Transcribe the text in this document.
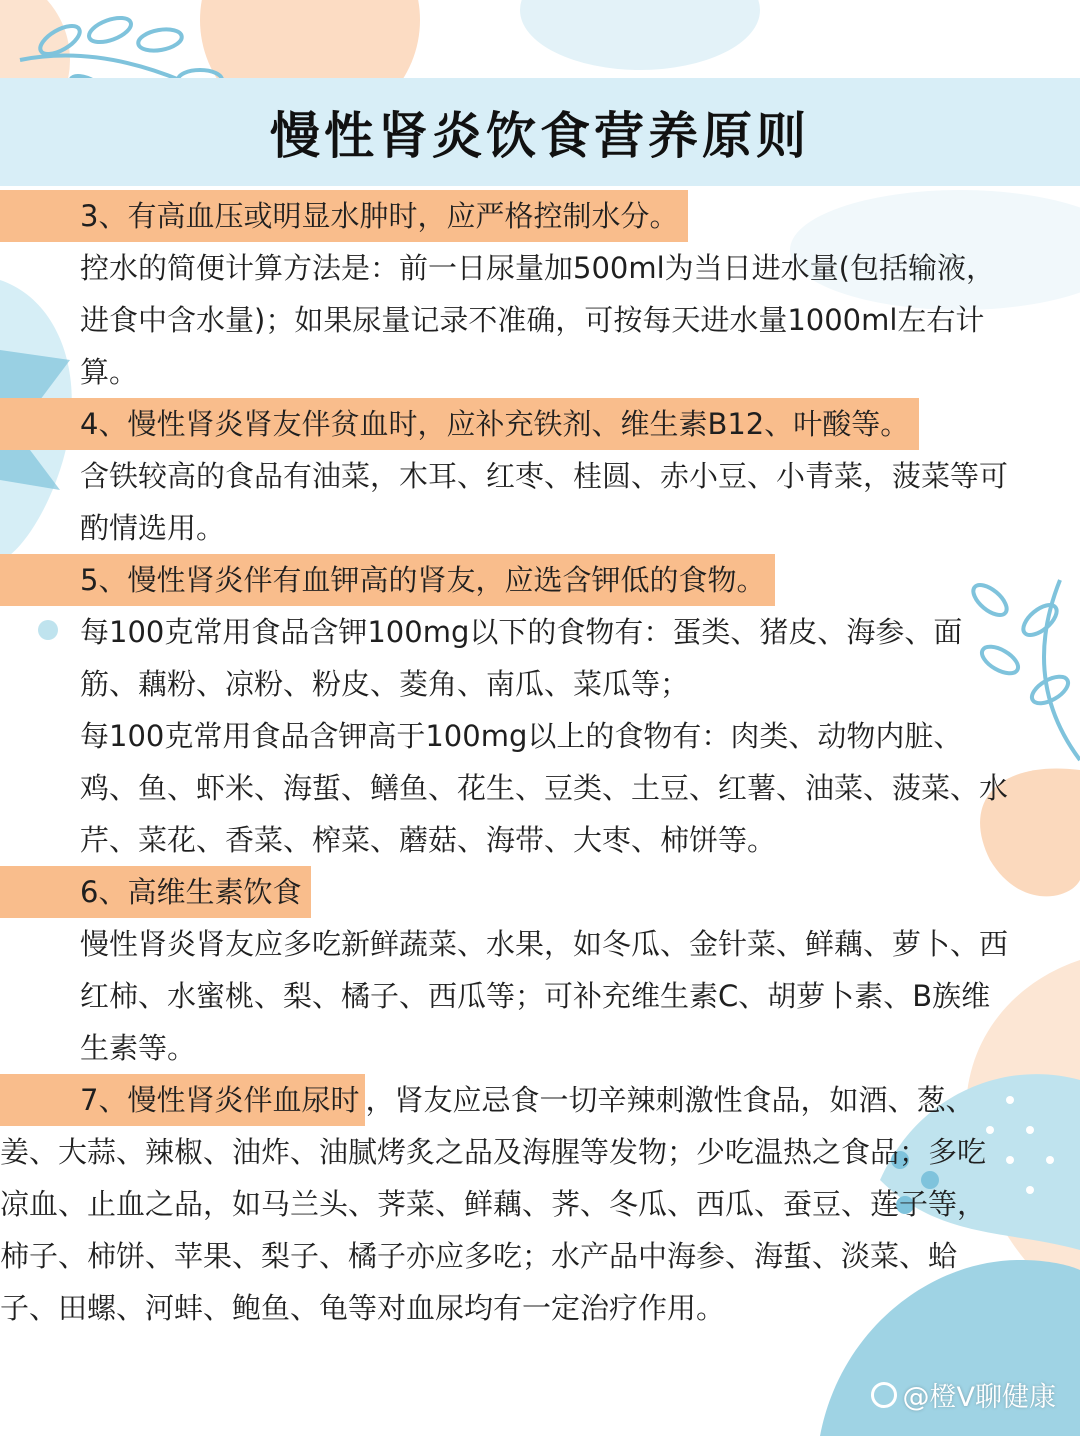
慢性肾炎饮食营养原则
3、有高血压或明显水肿时，应严格控制水分。

控水的简便计算方法是：前一日尿量加500ml为当日进水量(包括输液，进食中含水量)；如果尿量记录不准确，可按每天进水量1000ml左右计算。

4、慢性肾炎肾友伴贫血时，应补充铁剂、维生素B12、叶酸等。

含铁较高的食品有油菜，木耳、红枣、桂圆、赤小豆、小青菜，菠菜等可酌情选用。

5、慢性肾炎伴有血钾高的肾友，应选含钾低的食物。

每100克常用食品含钾100mg以下的食物有：蛋类、猪皮、海参、面筋、藕粉、凉粉、粉皮、菱角、南瓜、菜瓜等；

每100克常用食品含钾高于100mg以上的食物有：肉类、动物内脏、鸡、鱼、虾米、海蜇、鳝鱼、花生、豆类、土豆、红薯、油菜、菠菜、水芹、菜花、香菜、榨菜、蘑菇、海带、大枣、柿饼等。

6、高维生素饮食

慢性肾炎肾友应多吃新鲜蔬菜、水果，如冬瓜、金针菜、鲜藕、萝卜、西红柿、水蜜桃、梨、橘子、西瓜等；可补充维生素C、胡萝卜素、B族维生素等。

7、慢性肾炎伴血尿时 ，肾友应忌食一切辛辣刺激性食品，如酒、葱、姜、大蒜、辣椒、油炸、油腻烤炙之品及海腥等发物；少吃温热之食品；多吃凉血、止血之品，如马兰头、荠菜、鲜藕、荠、冬瓜、西瓜、蚕豆、莲子等，柿子、柿饼、苹果、梨子、橘子亦应多吃；水产品中海参、海蜇、淡菜、蛤子、田螺、河蚌、鲍鱼、龟等对血尿均有一定治疗作用。

@橙V聊健康
